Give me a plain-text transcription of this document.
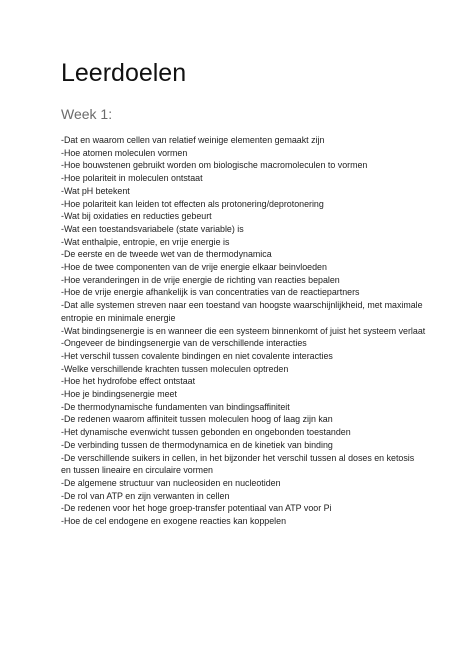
Leerdoelen
Week 1:
-Dat en waarom cellen van relatief weinige elementen gemaakt zijn
-Hoe atomen moleculen vormen
-Hoe bouwstenen gebruikt worden om biologische macromoleculen to vormen
-Hoe polariteit in moleculen ontstaat
-Wat pH betekent
-Hoe polariteit kan leiden tot effecten als protonering/deprotonering
-Wat bij oxidaties en reducties gebeurt
-Wat een toestandsvariabele (state variable) is
-Wat enthalpie, entropie, en vrije energie is
-De eerste en de tweede wet van de thermodynamica
-Hoe de twee componenten van de vrije energie elkaar beinvloeden
-Hoe veranderingen in de vrije energie de richting van reacties bepalen
-Hoe de vrije energie afhankelijk is van concentraties van de reactiepartners
-Dat alle systemen streven naar een toestand van hoogste waarschijnlijkheid, met maximale
entropie en minimale energie
-Wat bindingsenergie is en wanneer die een systeem binnenkomt of juist het systeem verlaat
-Ongeveer de bindingsenergie van de verschillende interacties
-Het verschil tussen covalente bindingen en niet covalente interacties
-Welke verschillende krachten tussen moleculen optreden
-Hoe het hydrofobe effect ontstaat
-Hoe je bindingsenergie meet
-De thermodynamische fundamenten van bindingsaffiniteit
-De redenen waarom affiniteit tussen moleculen hoog of laag zijn kan
-Het dynamische evenwicht tussen gebonden en ongebonden toestanden
-De verbinding tussen de thermodynamica en de kinetiek van binding
-De verschillende suikers in cellen, in het bijzonder het verschil tussen al doses en ketosis
en tussen lineaire en circulaire vormen
-De algemene structuur van nucleosiden en nucleotiden
-De rol van ATP en zijn verwanten in cellen
-De redenen voor het hoge groep-transfer potentiaal van ATP voor Pi
-Hoe de cel endogene en exogene reacties kan koppelen
